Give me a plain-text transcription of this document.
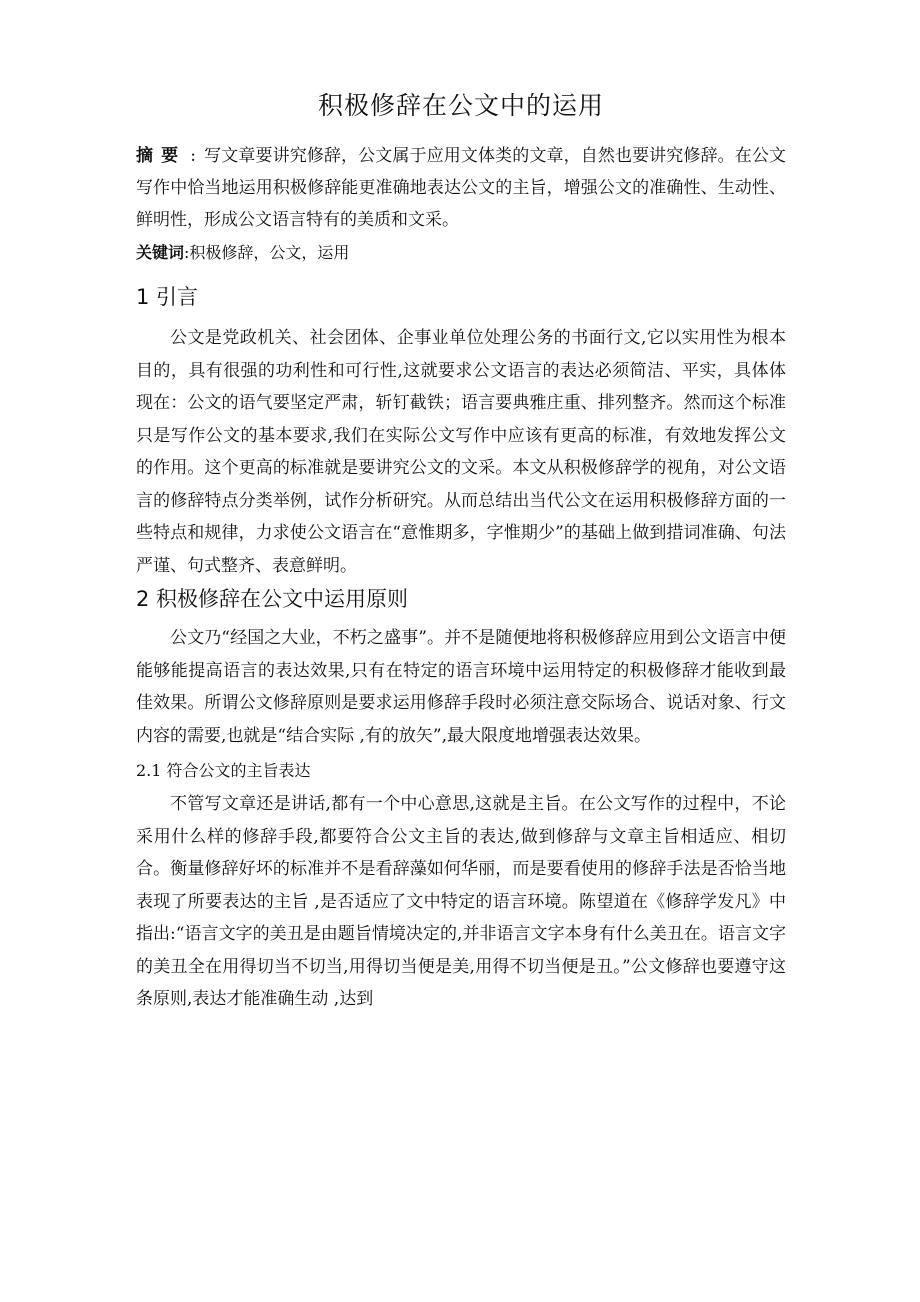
积极修辞在公文中的运用

摘要 : 写文章要讲究修辞，公文属于应用文体类的文章，自然也要讲究修辞。在公文写作中恰当地运用积极修辞能更准确地表达公文的主旨，增强公文的准确性、生动性、 鲜明性，形成公文语言特有的美质和文采。

关键词:积极修辞，公文，运用

1 引言

公文是党政机关、社会团体、企事业单位处理公务的书面行文,它以实用性为根本目的，具有很强的功利性和可行性,这就要求公文语言的表达必须简洁、平实，具体体现在：公文的语气要坚定严肃，斩钉截铁；语言要典雅庄重、排列整齐。然而这个标准只是写作公文的基本要求,我们在实际公文写作中应该有更高的标准，有效地发挥公文的作用。这个更高的标准就是要讲究公文的文采。本文从积极修辞学的视角，对公文语言的修辞特点分类举例，试作分析研究。从而总结出当代公文在运用积极修辞方面的一些特点和规律，力求使公文语言在“意惟期多，字惟期少”的基础上做到措词准确、句法严谨、句式整齐、表意鲜明。

2 积极修辞在公文中运用原则

公文乃“经国之大业，不朽之盛事”。并不是随便地将积极修辞应用到公文语言中便能够能提高语言的表达效果,只有在特定的语言环境中运用特定的积极修辞才能收到最佳效果。所谓公文修辞原则是要求运用修辞手段时必须注意交际场合、说话对象、行文内容的需要,也就是“结合实际 ,有的放矢”,最大限度地增强表达效果。

2.1 符合公文的主旨表达

不管写文章还是讲话,都有一个中心意思,这就是主旨。在公文写作的过程中，不论采用什么样的修辞手段,都要符合公文主旨的表达,做到修辞与文章主旨相适应、相切合。衡量修辞好坏的标准并不是看辞藻如何华丽，而是要看使用的修辞手法是否恰当地表现了所要表达的主旨 ,是否适应了文中特定的语言环境。陈望道在《修辞学发凡》中指出:“语言文字的美丑是由题旨情境决定的,并非语言文字本身有什么美丑在。语言文字的美丑全在用得切当不切当,用得切当便是美,用得不切当便是丑。”公文修辞也要遵守这条原则,表达才能准确生动 ,达到
